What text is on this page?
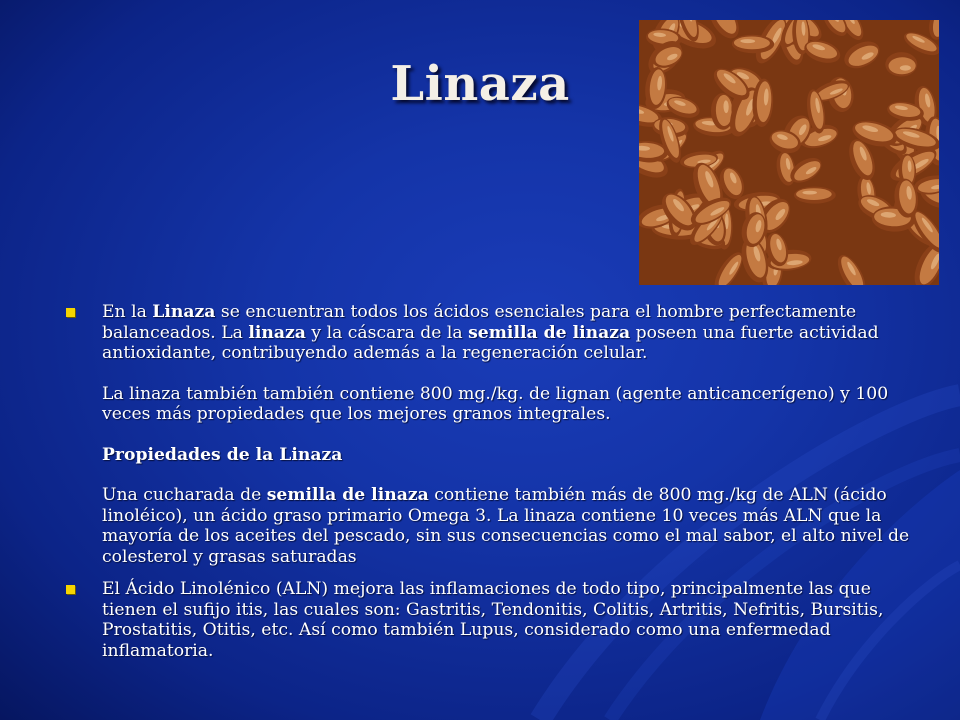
Linaza

En la Linaza se encuentran todos los ácidos esenciales para el hombre perfectamente balanceados. La linaza y la cáscara de la semilla de linaza poseen una fuerte actividad antioxidante, contribuyendo además a la regeneración celular.

La linaza también también contiene 800 mg./kg. de lignan (agente anticancerígeno) y 100 veces más propiedades que los mejores granos integrales.

Propiedades de la Linaza

Una cucharada de semilla de linaza contiene también más de 800 mg./kg de ALN (ácido linoléico), un ácido graso primario Omega 3. La linaza contiene 10 veces más ALN que la mayoría de los aceites del pescado, sin sus consecuencias como el mal sabor, el alto nivel de colesterol y grasas saturadas

El Ácido Linolénico (ALN) mejora las inflamaciones de todo tipo, principalmente las que tienen el sufijo itis, las cuales son: Gastritis, Tendonitis, Colitis, Artritis, Nefritis, Bursitis, Prostatitis, Otitis, etc. Así como también Lupus, considerado como una enfermedad inflamatoria.
